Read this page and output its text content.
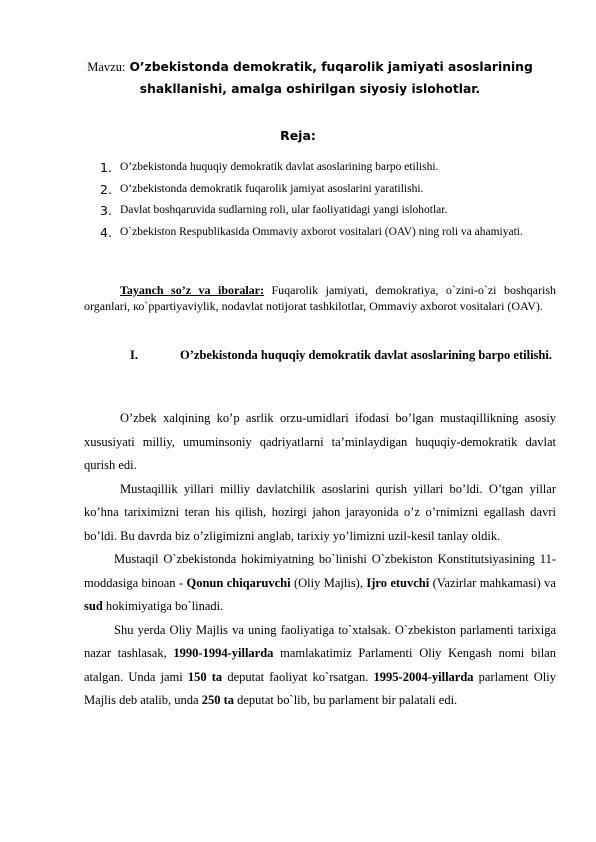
Mavzu: O’zbekistonda demokratik, fuqarolik jamiyati asoslarining shakllanishi, amalga oshirilgan siyosiy islohotlar.
Reja:
1. O’zbekistonda huquqiy demokratik davlat asoslarining barpo etilishi.
2. O’zbekistonda demokratik fuqarolik jamiyat asoslarini yaratilishi.
3. Davlat boshqaruvida sudlarning roli, ular faoliyatidagi yangi islohotlar.
4. O`zbekiston Respublikasida Ommaviy axborot vositalari (OAV) ning roli va ahamiyati.

Tayanch so’z va iboralar: Fuqarolik jamiyati, demokratiya, o`zini-o`zi boshqarish organlari, ко`ppartiyaviylik, nodavlat notijorat tashkilotlar, Ommaviy axborot vositalari (OAV).

I.	O’zbekistonda huquqiy demokratik davlat asoslarining barpo etilishi.

O’zbek xalqining ko’p asrlik orzu-umidlari ifodasi bo’lgan mustaqillikning asosiy xususiyati milliy, umuminsoniy qadriyatlarni ta’minlaydigan huquqiy-demokratik davlat qurish edi.

Mustaqillik yillari milliy davlatchilik asoslarini qurish yillari bo’ldi. O’tgan yillar ko’hna tariximizni teran his qilish, hozirgi jahon jarayonida o’z o’rnimizni egallash davri bo’ldi. Bu davrda biz o’zligimizni anglab, tarixiy yo’limizni uzil-kesil tanlay oldik.

Mustaqil O`zbekistonda hokimiyatning bo`linishi O`zbekiston Konstitutsiyasining 11- moddasiga binoan - Qonun chiqaruvchi (Oliy Majlis), Ijro etuvchi (Vazirlar mahkamasi) va sud hokimiyatiga bo`linadi.

Shu yerda Oliy Majlis va uning faoliyatiga to`xtalsak. O`zbekiston parlamenti tarixiga nazar tashlasak, 1990-1994-yillarda mamlakatimiz Parlamenti Oliy Kengash nomi bilan atalgan. Unda jami 150 ta deputat faoliyat ko`rsatgan. 1995-2004-yillarda parlament Oliy Majlis deb atalib, unda 250 ta deputat bo`lib, bu parlament bir palatali edi.
